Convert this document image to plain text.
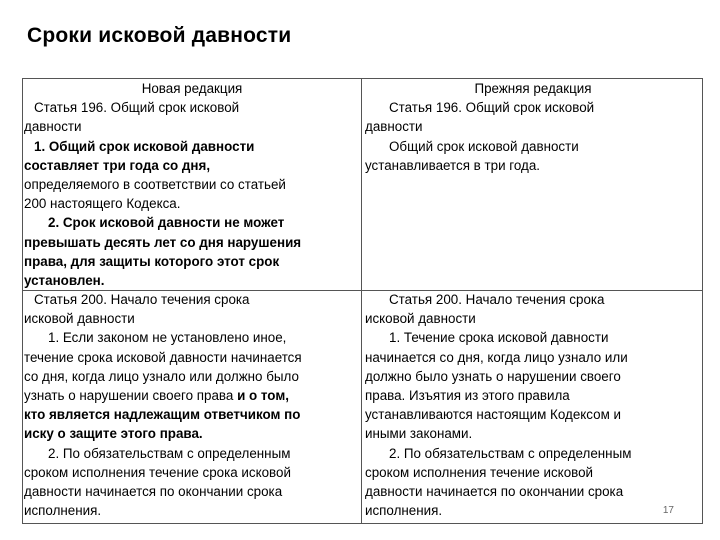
Сроки исковой давности
Новая редакция
Статья 196. Общий срок исковой
давности
1. Общий срок исковой давности
составляет три года со дня,
определяемого в соответствии со статьей
200 настоящего Кодекса.
2. Срок исковой давности не может
превышать десять лет со дня нарушения
права, для защиты которого этот срок
установлен.
Прежняя редакция
Статья 196. Общий срок исковой
давности
Общий срок исковой давности
устанавливается в три года.
Статья 200. Начало течения срока
исковой давности
1. Если законом не установлено иное,
течение срока исковой давности начинается
со дня, когда лицо узнало или должно было
узнать о нарушении своего права и о том,
кто является надлежащим ответчиком по
иску о защите этого права.
2. По обязательствам с определенным
сроком исполнения течение срока исковой
давности начинается по окончании срока
исполнения.
Статья 200. Начало течения срока
исковой давности
1. Течение срока исковой давности
начинается со дня, когда лицо узнало или
должно было узнать о нарушении своего
права. Изъятия из этого правила
устанавливаются настоящим Кодексом и
иными законами.
2. По обязательствам с определенным
сроком исполнения течение исковой
давности начинается по окончании срока
исполнения.	17
